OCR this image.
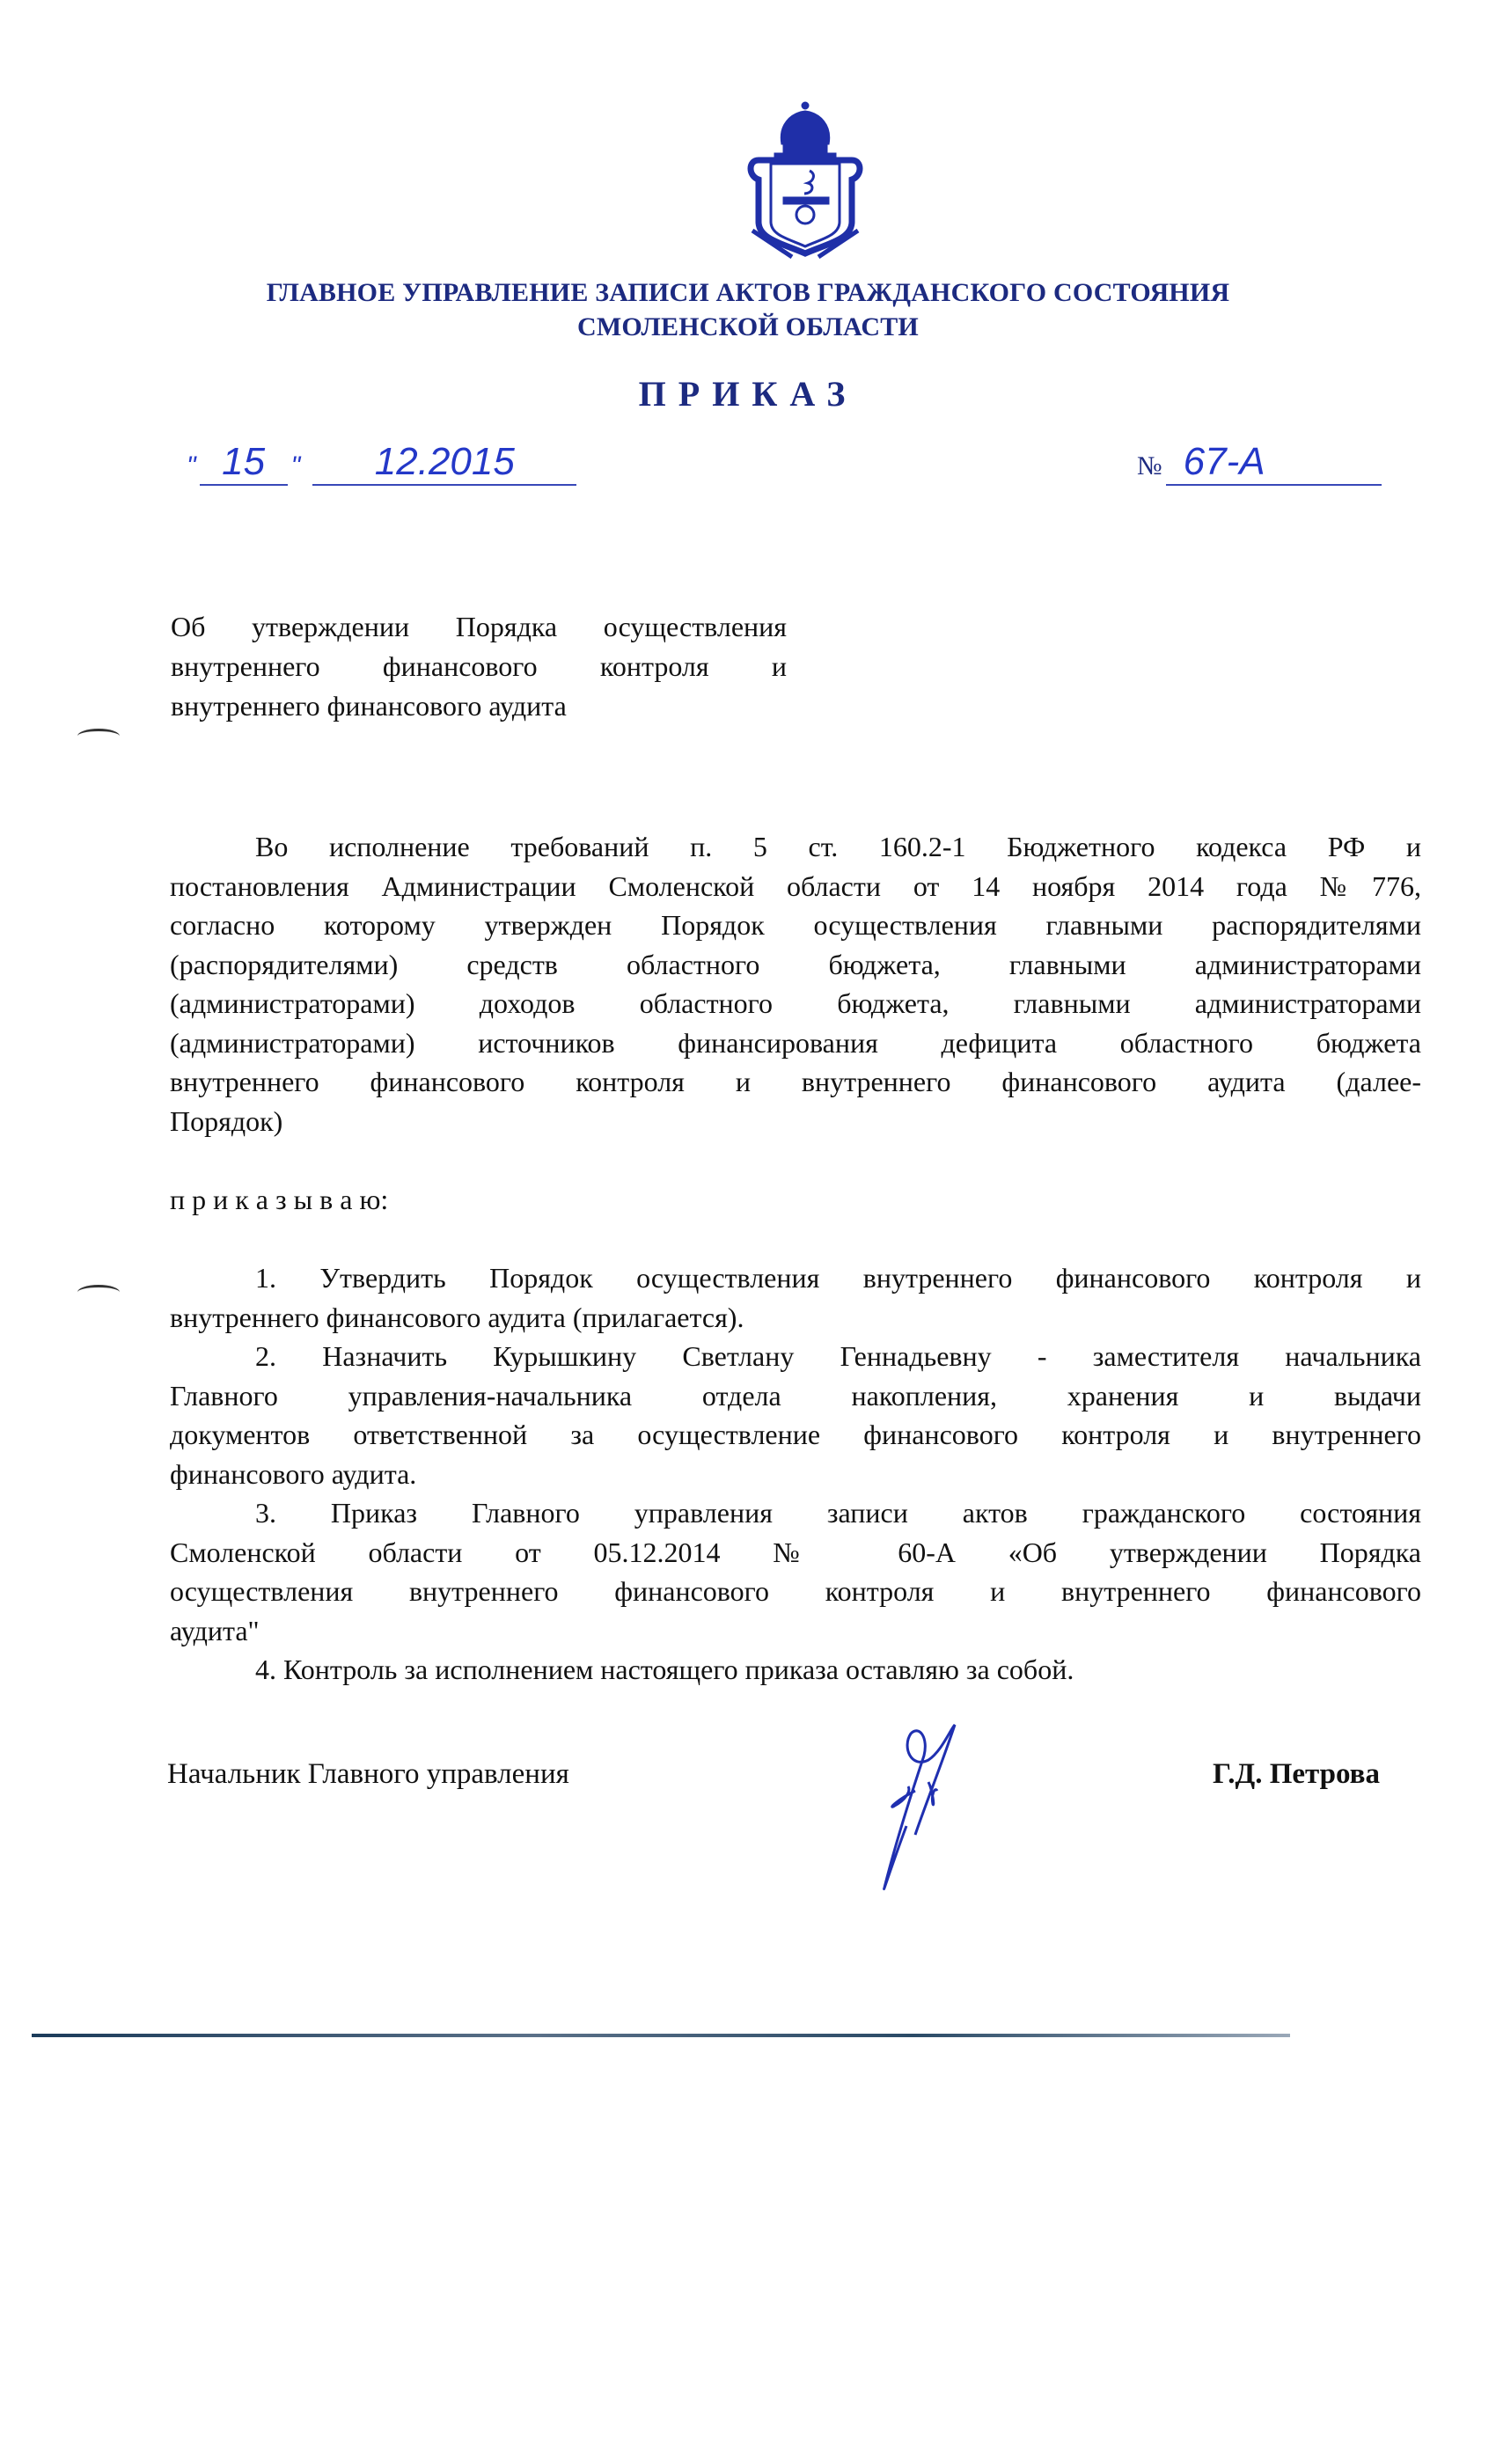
ГЛАВНОЕ УПРАВЛЕНИЕ ЗАПИСИ АКТОВ ГРАЖДАНСКОГО СОСТОЯНИЯ
СМОЛЕНСКОЙ ОБЛАСТИ
ПРИКАЗ
" 15 " 12.2015	№ 67-А
Об утверждении Порядка осуществления
внутреннего финансового контроля и
внутреннего финансового аудита
Во исполнение требований п. 5 ст. 160.2-1 Бюджетного кодекса РФ и
постановления Администрации Смоленской области от 14 ноября 2014 года №776,
согласно которому утвержден Порядок осуществления главными распорядителями
(распорядителями) средств областного бюджета, главными администраторами
(администраторами) доходов областного бюджета, главными администраторами
(администраторами) источников финансирования дефицита областного бюджета
внутреннего финансового контроля и внутреннего финансового аудита (далее-
Порядок)
п р и к а з ы в а ю:
1. Утвердить Порядок осуществления внутреннего финансового контроля и
внутреннего финансового аудита (прилагается).
2. Назначить Курышкину Светлану Геннадьевну - заместителя начальника
Главного управления-начальника отдела накопления, хранения и выдачи
документов ответственной за осуществление финансового контроля и внутреннего
финансового аудита.
3. Приказ Главного управления записи актов гражданского состояния
Смоленской области от 05.12.2014 № 60-А «Об утверждении Порядка
осуществления внутреннего финансового контроля и внутреннего финансового
аудита"
4. Контроль за исполнением настоящего приказа оставляю за собой.
Начальник Главного управления	Г.Д. Петрова
